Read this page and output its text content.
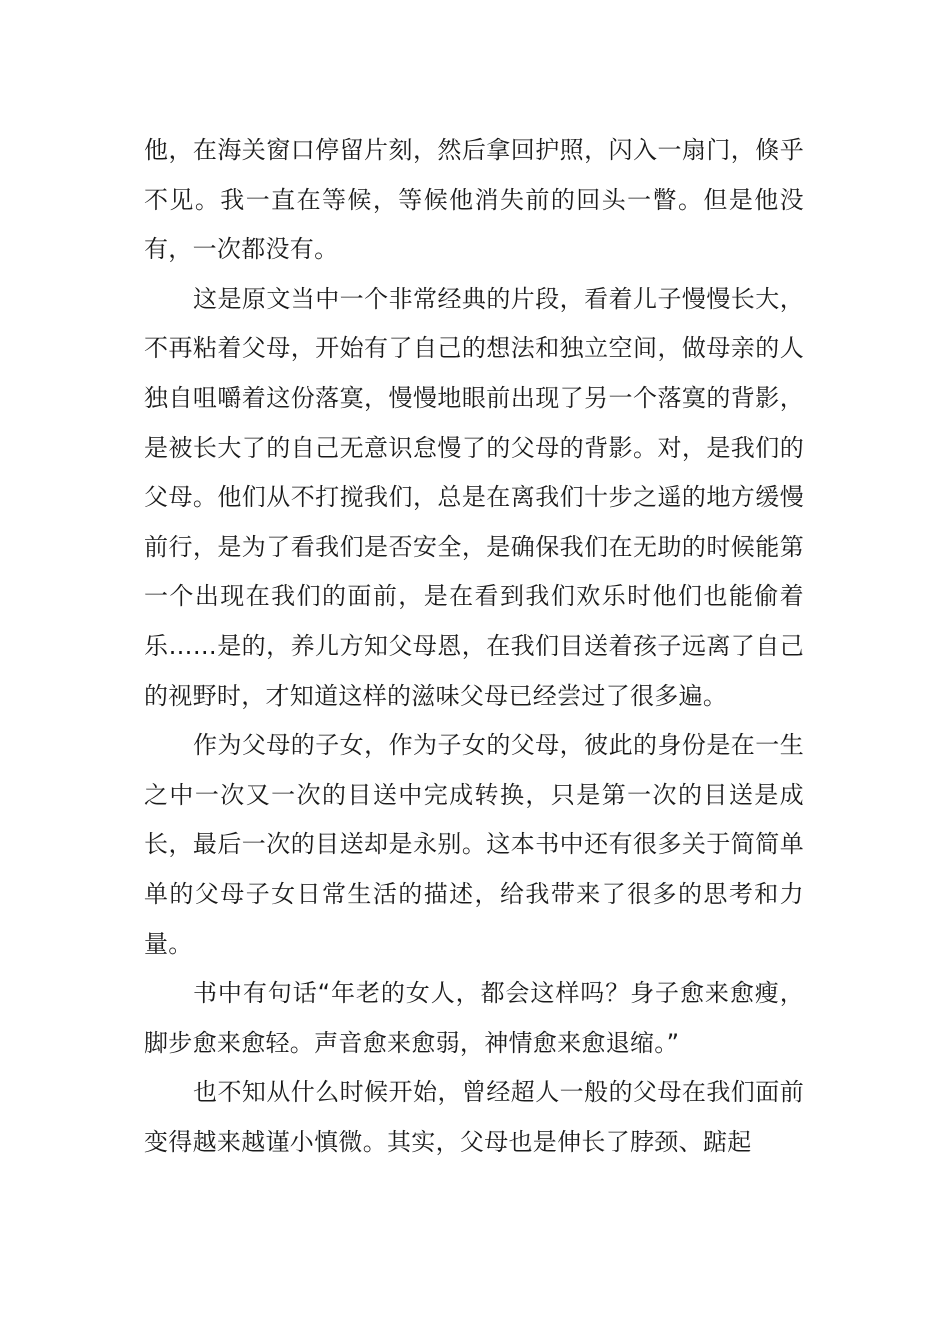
他，在海关窗口停留片刻，然后拿回护照，闪入一扇门，倏乎不见。我一直在等候，等候他消失前的回头一瞥。但是他没有，一次都没有。

这是原文当中一个非常经典的片段，看着儿子慢慢长大，不再粘着父母，开始有了自己的想法和独立空间，做母亲的人独自咀嚼着这份落寞，慢慢地眼前出现了另一个落寞的背影，是被长大了的自己无意识怠慢了的父母的背影。对，是我们的父母。他们从不打搅我们，总是在离我们十步之遥的地方缓慢前行，是为了看我们是否安全，是确保我们在无助的时候能第一个出现在我们的面前，是在看到我们欢乐时他们也能偷着乐……是的，养儿方知父母恩，在我们目送着孩子远离了自己的视野时，才知道这样的滋味父母已经尝过了很多遍。

作为父母的子女，作为子女的父母，彼此的身份是在一生之中一次又一次的目送中完成转换，只是第一次的目送是成长，最后一次的目送却是永别。这本书中还有很多关于简简单单的父母子女日常生活的描述，给我带来了很多的思考和力量。

书中有句话“年老的女人，都会这样吗？身子愈来愈瘦，脚步愈来愈轻。声音愈来愈弱，神情愈来愈退缩。”

也不知从什么时候开始，曾经超人一般的父母在我们面前变得越来越谨小慎微。其实，父母也是伸长了脖颈、踮起
